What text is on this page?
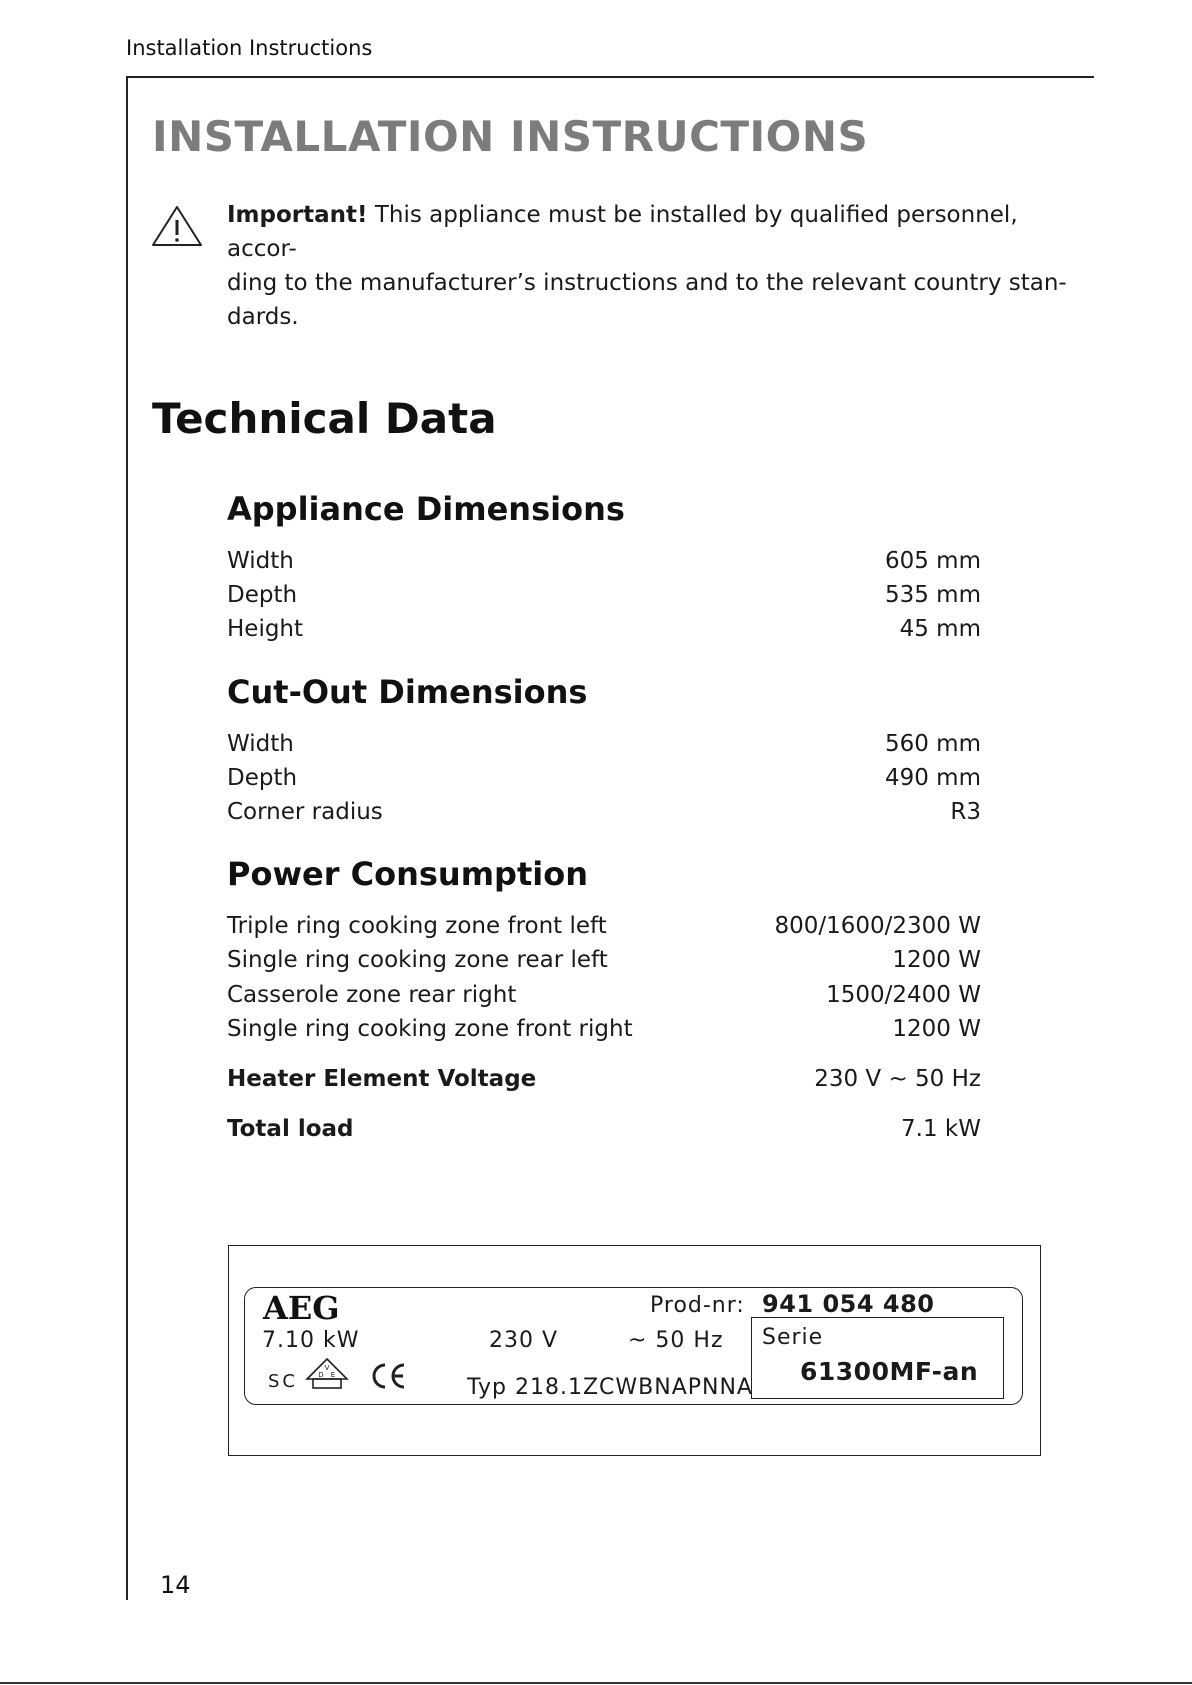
Installation Instructions
INSTALLATION INSTRUCTIONS
Important! This appliance must be installed by qualified personnel, accor-
ding to the manufacturer’s instructions and to the relevant country stan-
dards.
Technical Data
Appliance Dimensions
Width	605 mm
Depth	535 mm
Height	45 mm
Cut-Out Dimensions
Width	560 mm
Depth	490 mm
Corner radius	R3
Power Consumption
Triple ring cooking zone front left	800/1600/2300 W
Single ring cooking zone rear left	1200 W
Casserole zone rear right	1500/2400 W
Single ring cooking zone front right	1200 W
Heater Element Voltage	230 V ~ 50 Hz
Total load	7.1 kW
AEG	Prod-nr: 941 054 480
7.10 kW	230 V	~ 50 Hz Serie
61300MF-an
SC
V
D E	Typ 218.1ZCWBNAPNNA
14
